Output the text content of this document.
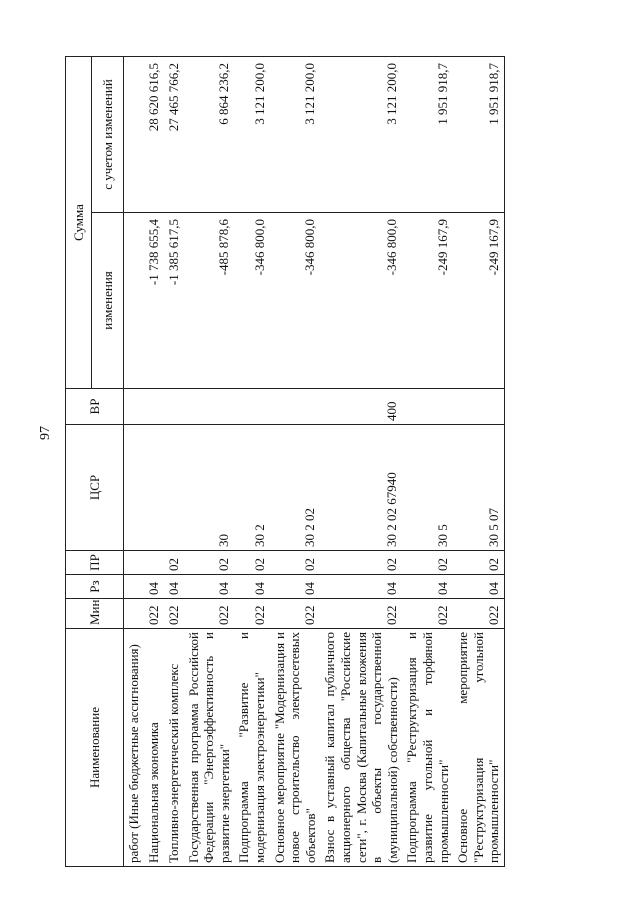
97
Наименование	Мин	Рз	ПР	ЦСР	ВР	Сумма	
						изменения	с учетом изменений
работ (Иные бюджетные ассигнования)							
Национальная экономика	022	04				-1 738 655,4	28 620 616,5
Топливно-энергетический комплекс	022	04	02			-1 385 617,5	27 465 766,2
Государственная программа Российской Федерации "Энергоэффективность и развитие энергетики"	022	04	02	30		-485 878,6	6 864 236,2
Подпрограмма "Развитие и модернизация электроэнергетики"	022	04	02	30 2		-346 800,0	3 121 200,0
Основное мероприятие "Модернизация и новое строительство электросетевых объектов"	022	04	02	30 2 02		-346 800,0	3 121 200,0
Взнос в уставный капитал публичного акционерного общества "Российские сети", г. Москва (Капитальные вложения в объекты государственной (муниципальной) собственности)	022	04	02	30 2 02 67940	400	-346 800,0	3 121 200,0
Подпрограмма "Реструктуризация и развитие угольной и торфяной промышленности"	022	04	02	30 5		-249 167,9	1 951 918,7
Основное мероприятие "Реструктуризация угольной промышленности"	022	04	02	30 5 07		-249 167,9	1 951 918,7
